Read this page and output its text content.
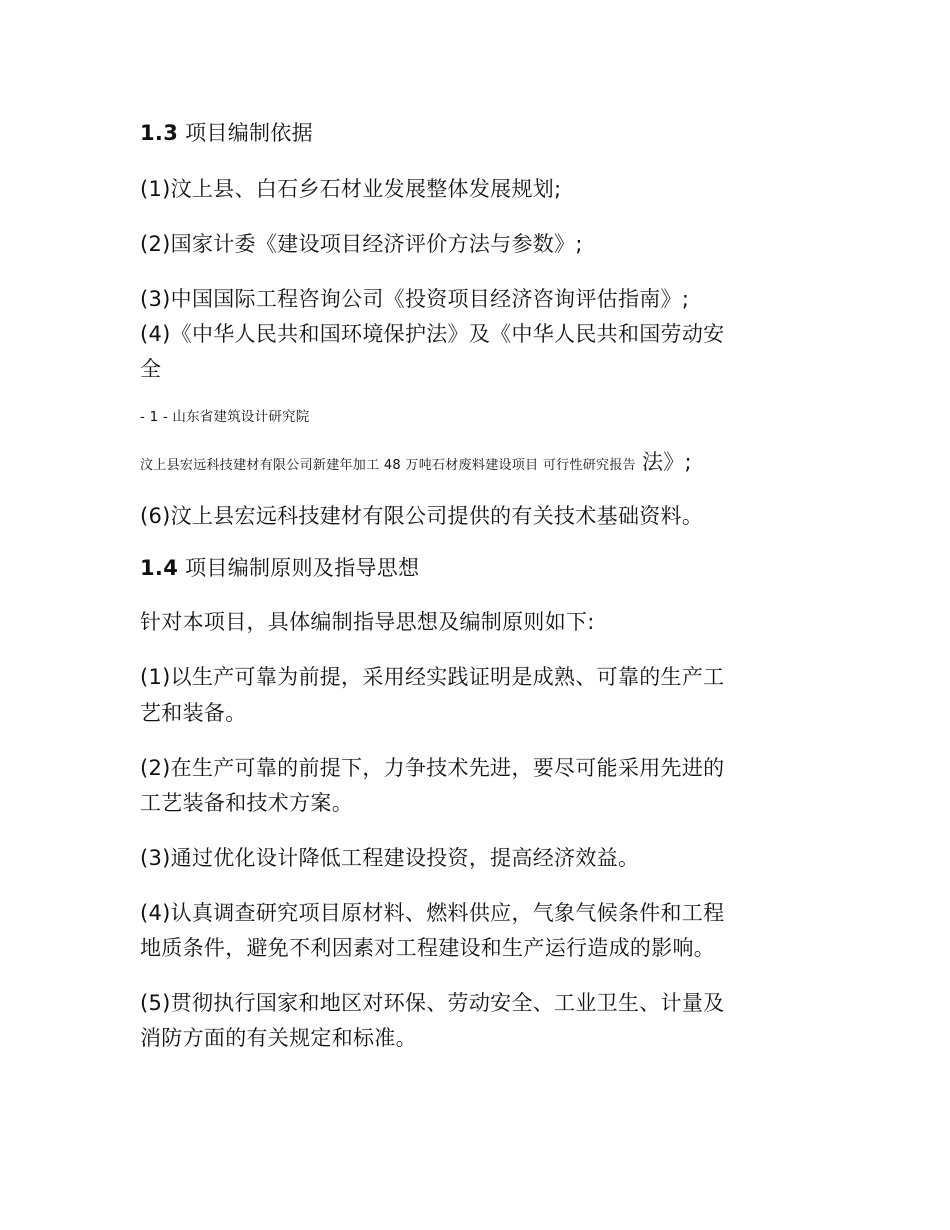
1.3 项目编制依据

(1)汶上县、白石乡石材业发展整体发展规划;

(2)国家计委《建设项目经济评价方法与参数》;

(3)中国国际工程咨询公司《投资项目经济咨询评估指南》;

(4)《中华人民共和国环境保护法》及《中华人民共和国劳动安

全

- 1 - 山东省建筑设计研究院

汶上县宏远科技建材有限公司新建年加工 48 万吨石材废料建设项目 可行性研究报告 法》;

(6)汶上县宏远科技建材有限公司提供的有关技术基础资料。

1.4 项目编制原则及指导思想

针对本项目，具体编制指导思想及编制原则如下:

(1)以生产可靠为前提，采用经实践证明是成熟、可靠的生产工

艺和装备。

(2)在生产可靠的前提下，力争技术先进，要尽可能采用先进的

工艺装备和技术方案。

(3)通过优化设计降低工程建设投资，提高经济效益。

(4)认真调查研究项目原材料、燃料供应，气象气候条件和工程

地质条件，避免不利因素对工程建设和生产运行造成的影响。

(5)贯彻执行国家和地区对环保、劳动安全、工业卫生、计量及

消防方面的有关规定和标准。
